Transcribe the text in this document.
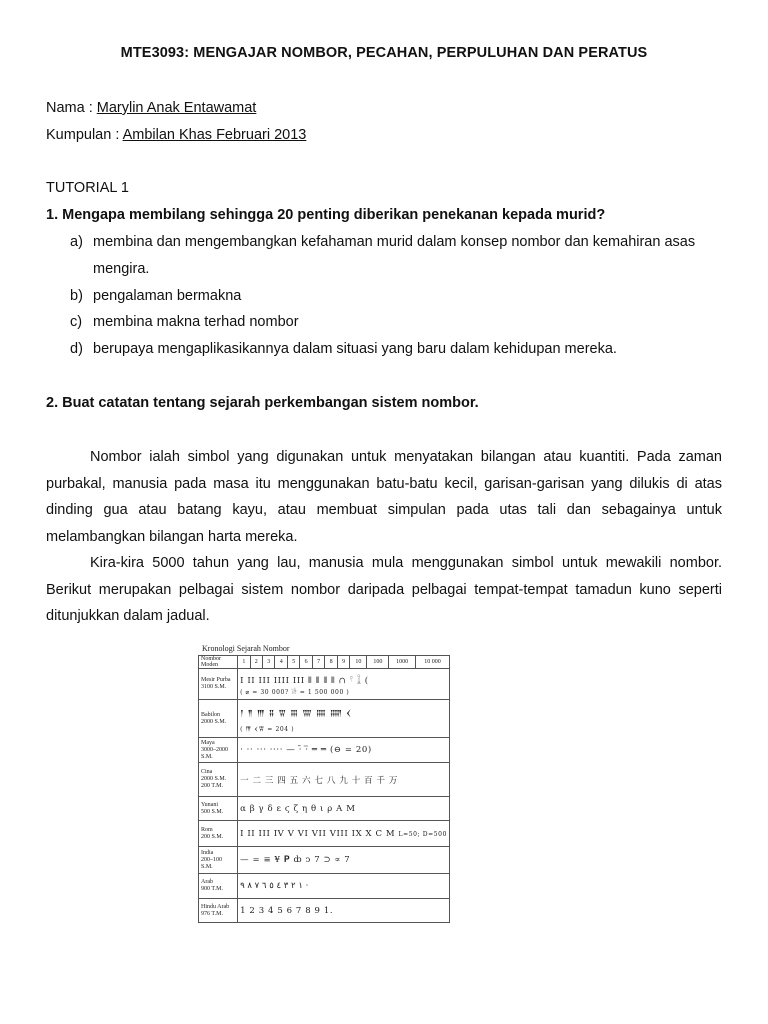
MTE3093: MENGAJAR NOMBOR, PECAHAN, PERPULUHAN DAN PERATUS
Nama : Marylin Anak Entawamat
Kumpulan : Ambilan Khas Februari 2013
TUTORIAL 1
1. Mengapa membilang sehingga 20 penting diberikan penekanan kepada murid?
a) membina dan mengembangkan kefahaman murid dalam konsep nombor dan kemahiran asas
mengira.
b) pengalaman bermakna
c) membina makna terhad nombor
d) berupaya mengaplikasikannya dalam situasi yang baru dalam kehidupan mereka.
2. Buat catatan tentang sejarah perkembangan sistem nombor.

Nombor ialah simbol yang digunakan untuk menyatakan bilangan atau kuantiti. Pada zaman purbakal, manusia pada masa itu menggunakan batu-batu kecil, garisan-garisan yang dilukis di atas dinding gua atau batang kayu, atau membuat simpulan pada utas tali dan sebagainya untuk melambangkan bilangan harta mereka.

Kira-kira 5000 tahun yang lau, manusia mula menggunakan simbol untuk mewakili nombor. Berikut merupakan pelbagai sistem nombor daripada pelbagai tempat-tempat tamadun kuno seperti ditunjukkan dalam jadual.

Kronologi Sejarah Nombor
Nombor Moden	1	2	3	4	5	6	7	8	9	10	100	1000	10 000
Mesir Purba
3100 S.M.	I II III IIII III ⦀ ⦀ ⦀ ⦀ ∩ 𓍢 𓆼 (
( ⌀ = 30 000? 𓀀 = 1 500 000 )												

Babilon
2000 S.M.	𒁹 𒈫 𒐈 𒐉 𒐊 𒐋 𒐌 𒐍 𒐎 𒌋
( 𒐈 𒌋𒐊 = 204 )												

Maya
3000–2000 S.M.	· ·· ··· ···· — ·̄ ·̿ ═ ═ (⊖ = 20)												
Cina
2000 S.M. 200 T.M.	一 二 三 四 五 六 七 八 九 十 百 千 万												
Yunani
500 S.M.	α β γ δ ε ϛ ζ η θ ι ρ Α Μ												
Rom
200 S.M.	I II III IV V VI VII VIII IX X C M L=50; D=500												
India
200–100 S.M.	— = ≡ ¥ 𝐏 ȸ ↄ 7 ⊃ ∝ 7												
Arab
900 T.M.	١ ٢ ٣ ٤ ٥ ٦ ٧ ٨ ٩ ·												
Hindu Arab
976 T.M.	1 2 3 4 5 6 7 8 9 1.												
